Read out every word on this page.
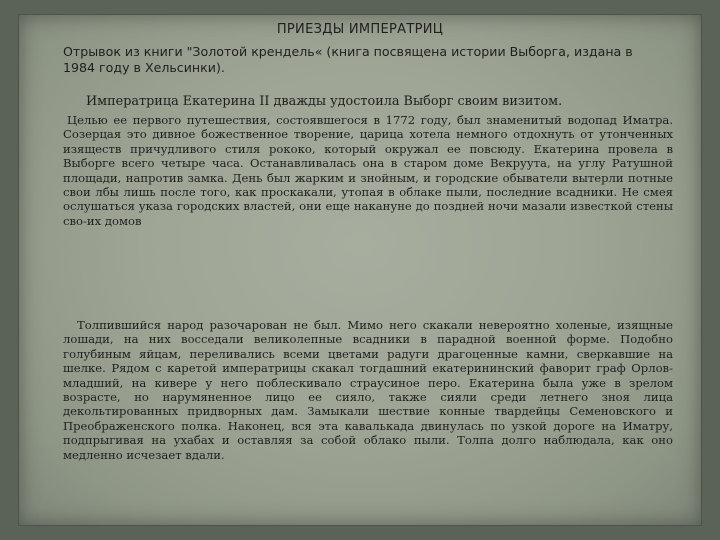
ПРИЕЗДЫ ИМПЕРАТРИЦ
Отрывок из книги "Золотой крендель« (книга посвящена истории Выборга, издана в 1984 году в Хельсинки).
Императрица Екатерина II дважды удостоила Выборг своим визитом.
Целью ее первого путешествия, состоявшегося в 1772 году, был знаменитый водопад Иматра. Созерцая это дивное божественное творение, царица хотела немного отдохнуть от утонченных изяществ причудливого стиля рококо, который окружал ее повсюду. Екатерина провела в Выборге всего четыре часа. Останавливалась она в старом доме Векруута, на углу Ратушной площади, напротив замка. День был жарким и знойным, и городские обыватели вытерли потные свои лбы лишь после того, как проскакали, утопая в облаке пыли, последние всадники. Не смея ослушаться указа городских властей, они еще накануне до поздней ночи мазали известкой стены сво-их домов
Толпившийся народ разочарован не был. Мимо него скакали невероятно холеные, изящные лошади, на них восседали великолепные всадники в парадной военной форме. Подобно голубиным яйцам, переливались всеми цветами радуги драгоценные камни, сверкавшие на шелке. Рядом с каретой императрицы скакал тогдашний екатерининский фаворит граф Орлов-младший, на кивере у него поблескивало страусиное перо. Екатерина была уже в зрелом возрасте, но нарумяненное лицо ее сияло, также сияли среди летнего зноя лица декольтированных придворных дам. Замыкали шествие конные твардейцы Семеновского и Преображенского полка. Наконец, вся эта кавалькада двинулась по узкой дороге на Иматру, подпрыгивая на ухабах и оставляя за собой облако пыли. Толпа долго наблюдала, как оно медленно исчезает вдали.
